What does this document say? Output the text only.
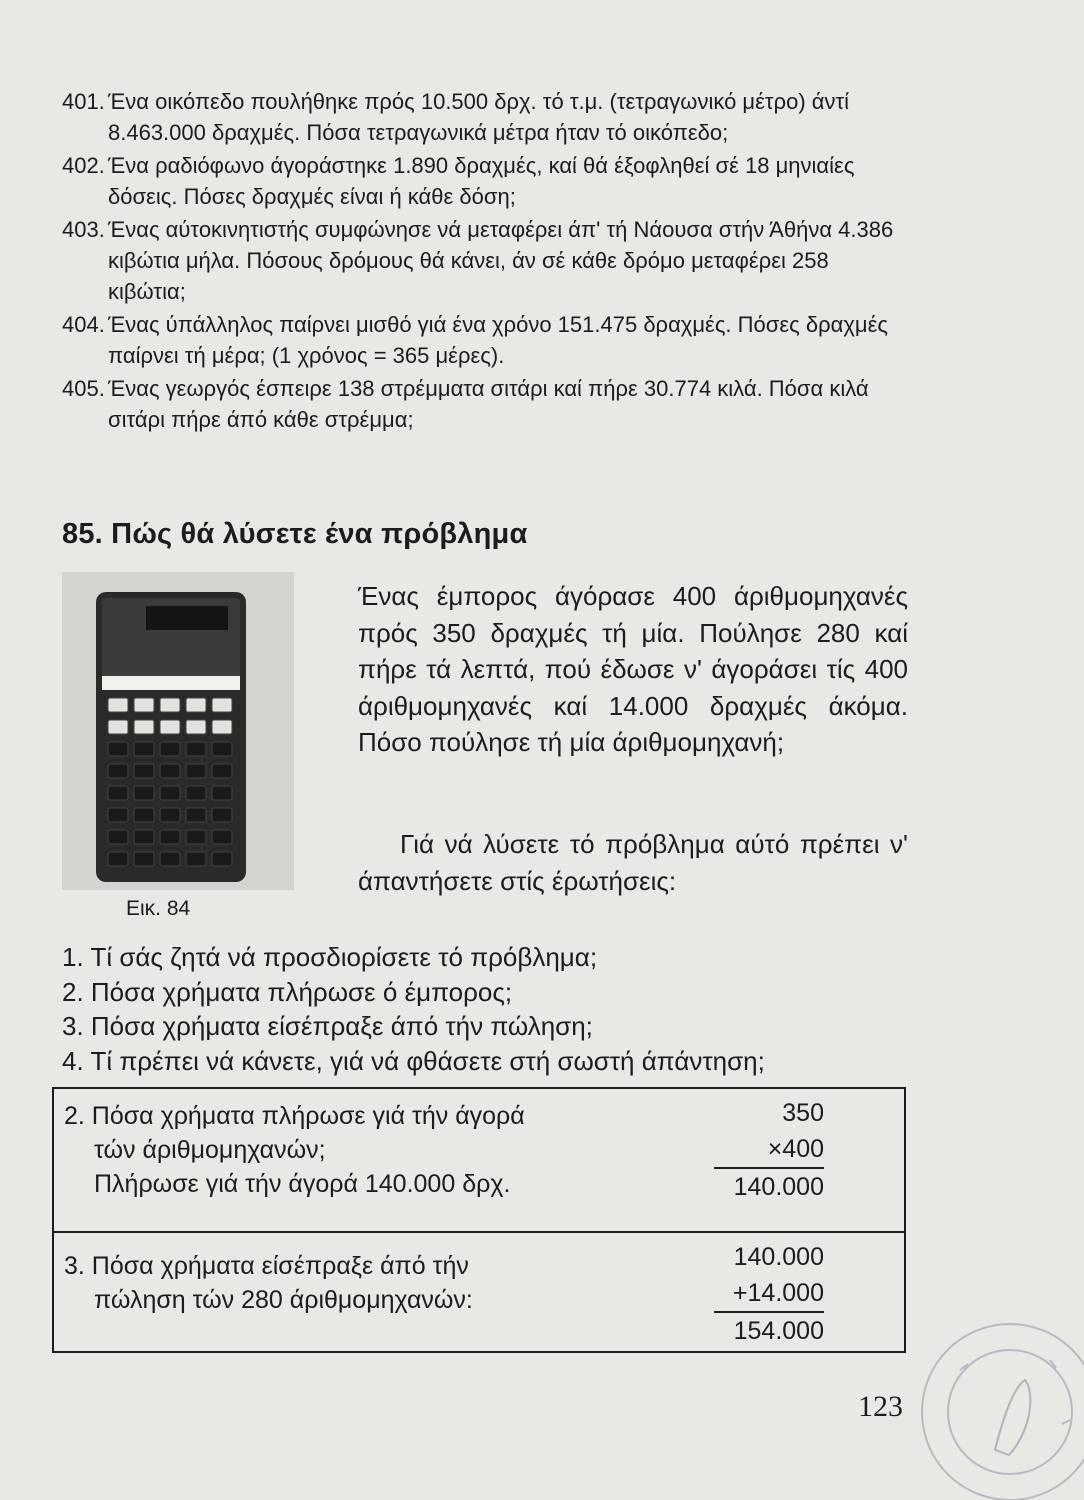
401. Ένα οικόπεδο πουλήθηκε πρός 10.500 δρχ. τό τ.μ. (τετραγωνικό μέτρο) άντί 8.463.000 δραχμές. Πόσα τετραγωνικά μέτρα ήταν τό οικόπεδο;
402. Ένα ραδιόφωνο άγοράστηκε 1.890 δραχμές, καί θά έξοφληθεί σέ 18 μηνιαίες δόσεις. Πόσες δραχμές είναι ή κάθε δόση;
403. Ένας αύτοκινητιστής συμφώνησε νά μεταφέρει άπ' τή Νάουσα στήν Άθήνα 4.386 κιβώτια μήλα. Πόσους δρόμους θά κάνει, άν σέ κάθε δρόμο μεταφέρει 258 κιβώτια;
404. Ένας ύπάλληλος παίρνει μισθό γιά ένα χρόνο 151.475 δραχμές. Πόσες δραχμές παίρνει τή μέρα; (1 χρόνος = 365 μέρες).
405. Ένας γεωργός έσπειρε 138 στρέμματα σιτάρι καί πήρε 30.774 κιλά. Πόσα κιλά σιτάρι πήρε άπό κάθε στρέμμα;
85. Πώς θά λύσετε ένα πρόβλημα
Εικ. 84
Ένας έμπορος άγόρασε 400 άριθμομηχανές πρός 350 δραχμές τή μία. Πούλησε 280 καί πήρε τά λεπτά, πού έδωσε ν' άγοράσει τίς 400 άριθμομηχανές καί 14.000 δραχμές άκόμα. Πόσο πούλησε τή μία άριθμομηχανή;
Γιά νά λύσετε τό πρόβλημα αύτό πρέπει ν' άπαντήσετε στίς έρωτήσεις:
1. Τί σάς ζητά νά προσδιορίσετε τό πρόβλημα;
2. Πόσα χρήματα πλήρωσε ό έμπορος;
3. Πόσα χρήματα είσέπραξε άπό τήν πώληση;
4. Τί πρέπει νά κάνετε, γιά νά φθάσετε στή σωστή άπάντηση;
2. Πόσα χρήματα πλήρωσε γιά τήν άγορά
τών άριθμομηχανών;
Πλήρωσε γιά τήν άγορά 140.000 δρχ.
350
×400
140.000
3. Πόσα χρήματα είσέπραξε άπό τήν
πώληση τών 280 άριθμομηχανών:
140.000
+14.000
154.000
123
